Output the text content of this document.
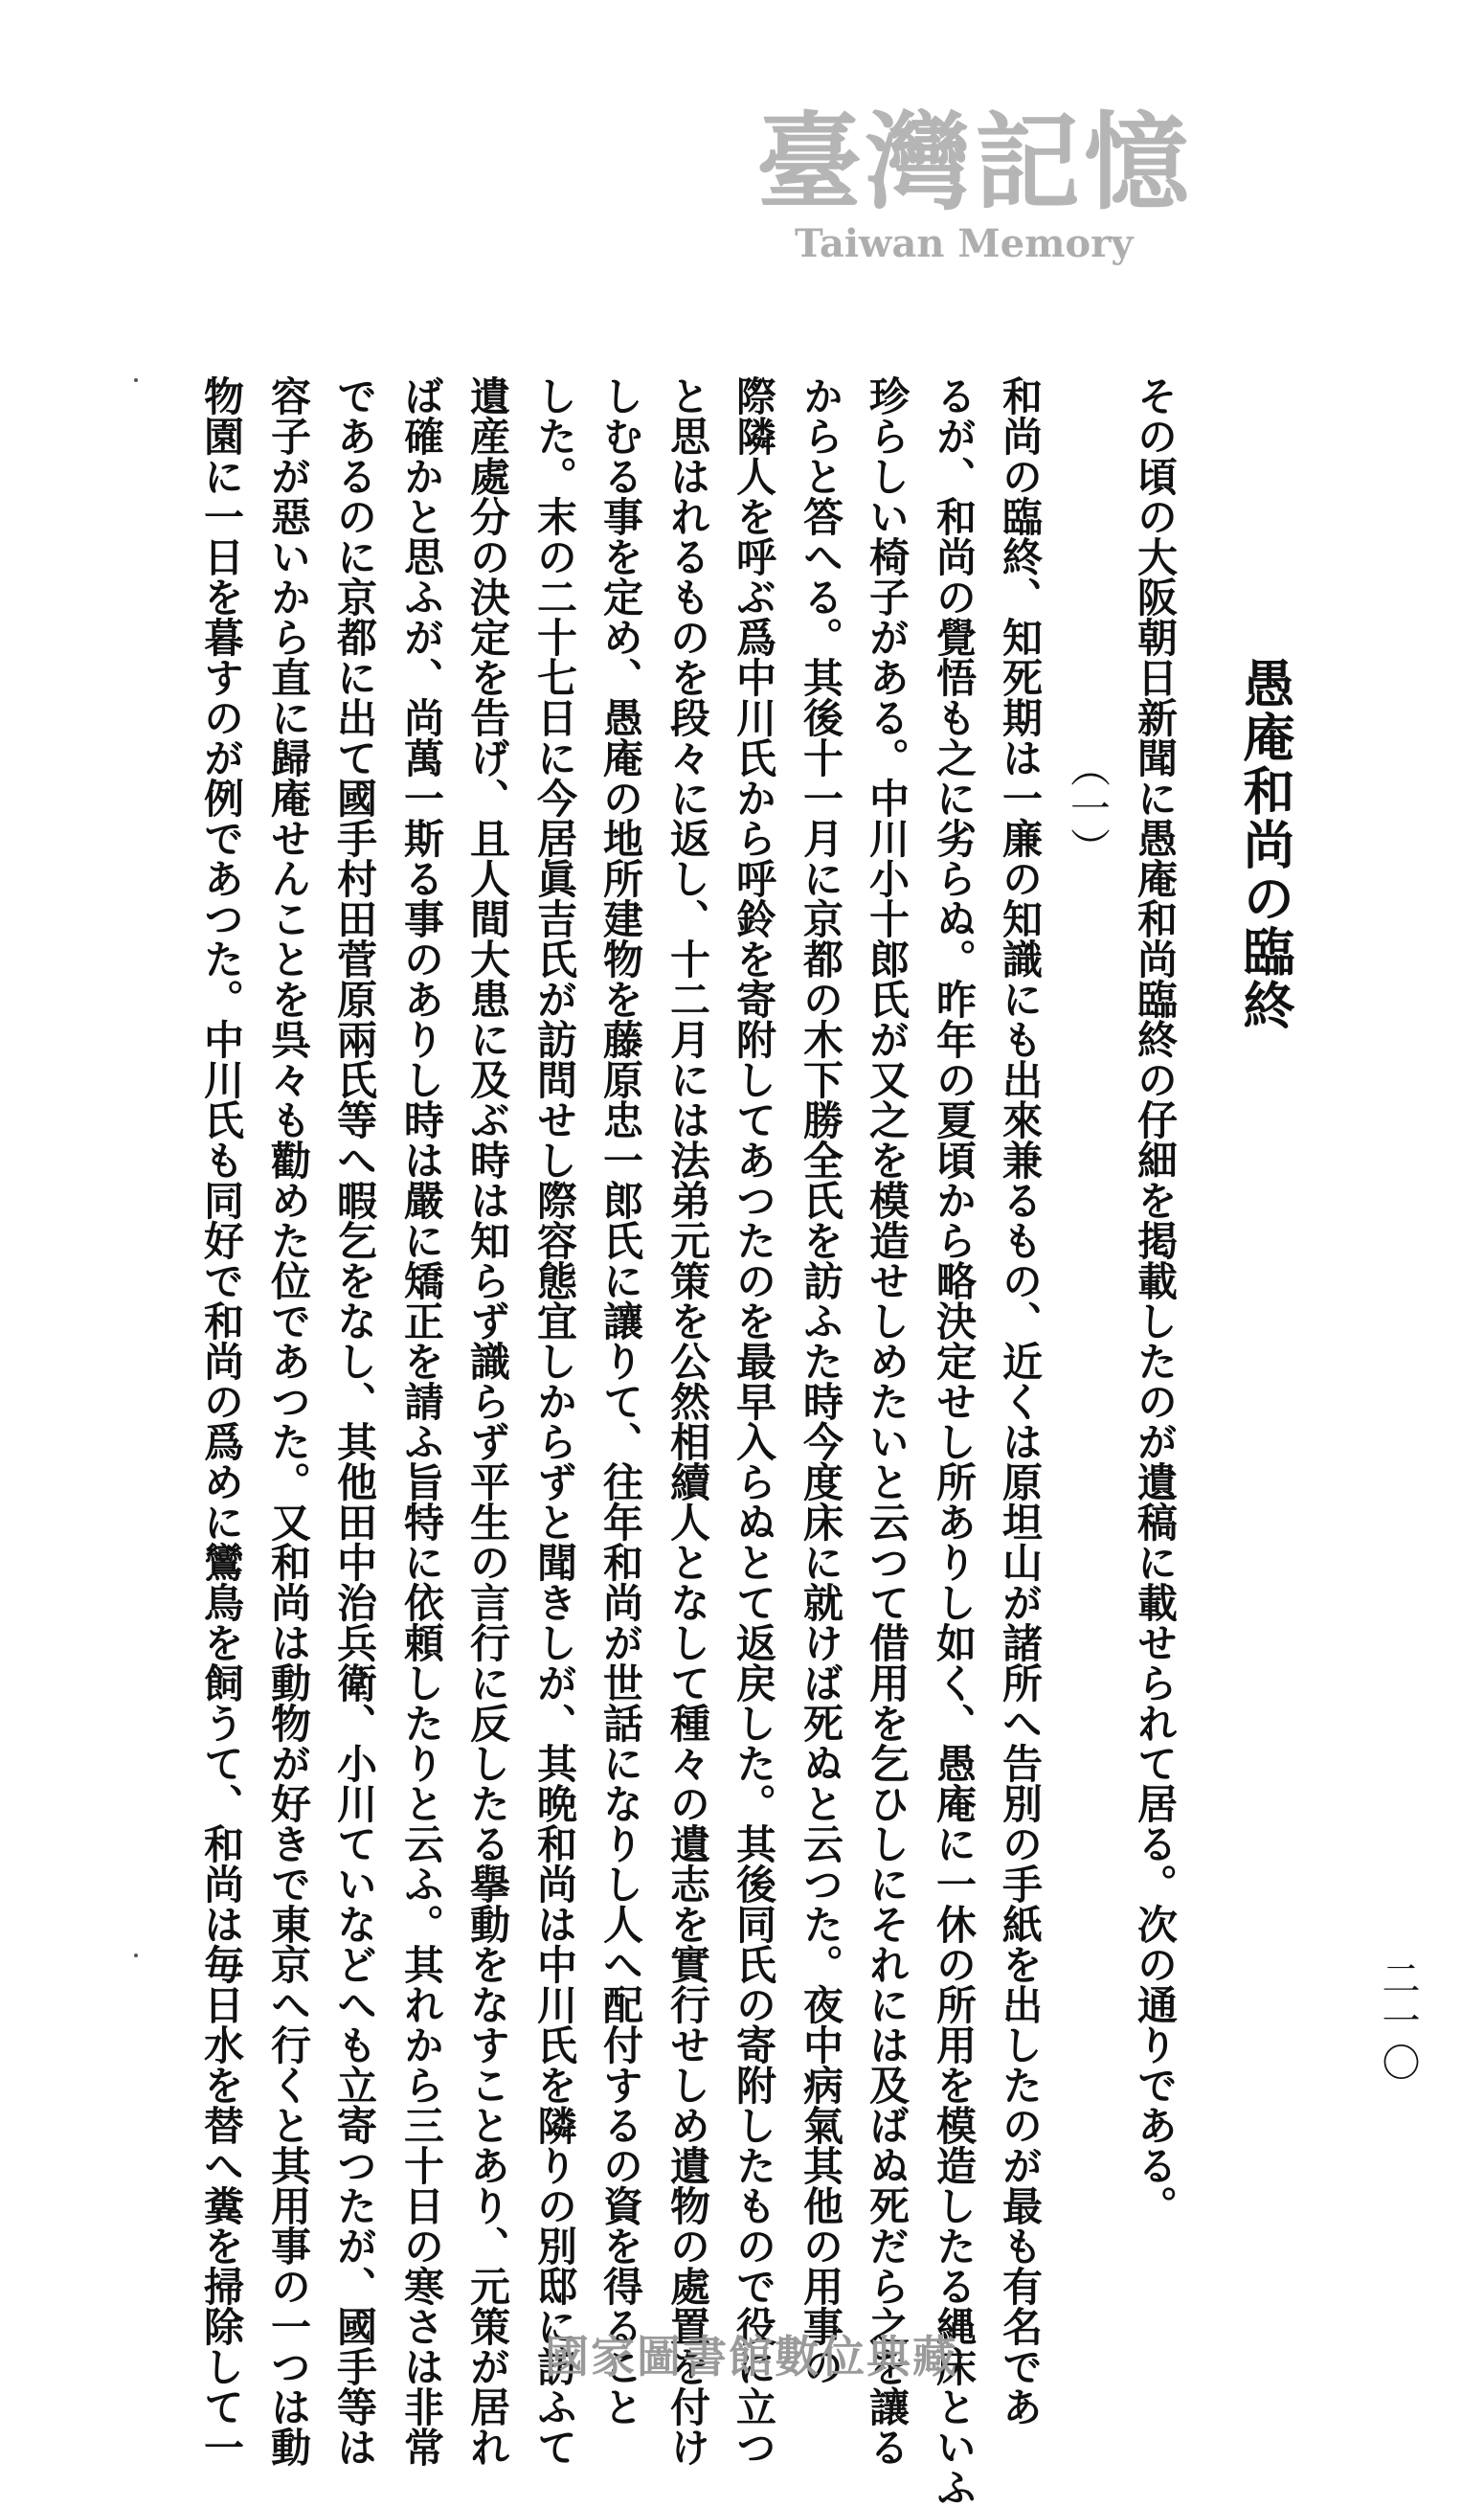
臺灣記憶
Taiwan Memory
二一〇
愚庵和尚の臨終
その頃の大阪朝日新聞に愚庵和尚臨終の仔細を掲載したのが遺稿に載せられて居る。次の通りである。
（一）
和尚の臨終、知死期は一廉の知識にも出來兼るもの、近くは原坦山が諸所へ告別の手紙を出したのが最も有名であ
るが、和尚の覺悟も之に劣らぬ。昨年の夏頃から略決定せし所ありし如く、愚庵に一休の所用を模造したる縄床といふ
珍らしい椅子がある。中川小十郎氏が又之を模造せしめたいと云つて借用を乞ひしにそれには及ばぬ死だら之を讓る
からと答へる。其後十一月に京都の木下勝全氏を訪ふた時今度床に就けば死ぬと云つた。夜中病氣其他の用事の
際隣人を呼ぶ爲中川氏から呼鈴を寄附してあつたのを最早入らぬとて返戻した。其後同氏の寄附したもので役に立つ
と思はれるものを段々に返し、十二月には法弟元策を公然相續人となして種々の遺志を實行せしめ遺物の處置を付け
しむる事を定め、愚庵の地所建物を藤原忠一郎氏に讓りて、往年和尚が世話になりし人へ配付するの資を得ること
した。末の二十七日に今居眞吉氏が訪問せし際容態宜しからずと聞きしが、其晩和尚は中川氏を隣りの別邸に訪ふて
遺産處分の決定を告げ、且人間大患に及ぶ時は知らず識らず平生の言行に反したる擧動をなすことあり、元策が居れ
ば確かと思ふが、尚萬一斯る事のありし時は嚴に矯正を請ふ旨特に依頼したりと云ふ。其れから三十日の寒さは非常
であるのに京都に出て國手村田菅原兩氏等へ暇乞をなし、其他田中治兵衛、小川ていなどへも立寄つたが、國手等は
容子が惡いから直に歸庵せんことを呉々も勸めた位であつた。又和尚は動物が好きで東京へ行くと其用事の一つは動
物園に一日を暮すのが例であつた。中川氏も同好で和尚の爲めに鸞鳥を飼うて、和尚は毎日水を替へ糞を掃除して一	國家圖書館數位典藏
